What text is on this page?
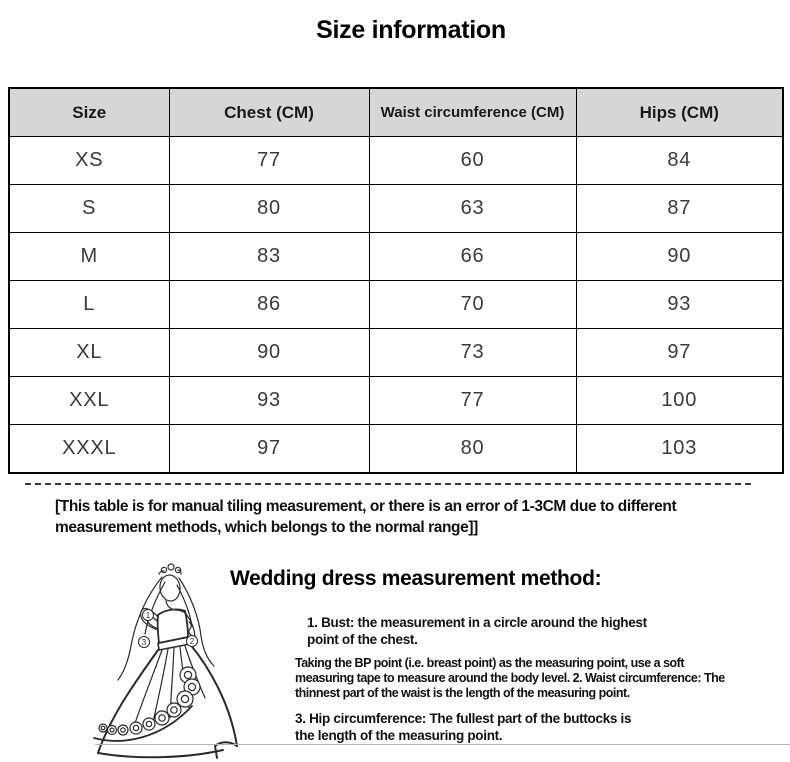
Size information
Size	Chest (CM)	Waist circumference (CM)	Hips (CM)
XS	77	60	84
S	80	63	87
M	83	66	90
L	86	70	93
XL	90	73	97
XXL	93	77	100
XXXL	97	80	103
[This table is for manual tiling measurement, or there is an error of 1-3CM due to different
measurement methods, which belongs to the normal range]]
1
2
3
Wedding dress measurement method:
1. Bust: the measurement in a circle around the highest
point of the chest.
Taking the BP point (i.e. breast point) as the measuring point, use a soft
measuring tape to measure around the body level. 2. Waist circumference: The
thinnest part of the waist is the length of the measuring point.
3. Hip circumference: The fullest part of the buttocks is
the length of the measuring point.
